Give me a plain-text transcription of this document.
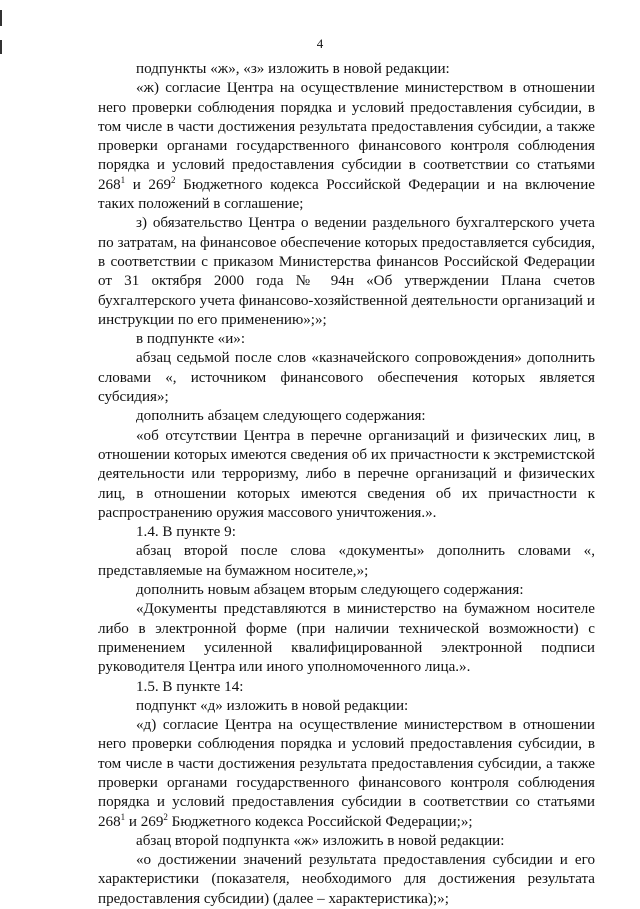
4

подпункты «ж», «з» изложить в новой редакции:

«ж) согласие Центра на осуществление министерством в отношении него проверки соблюдения порядка и условий предоставления субсидии, в том числе в части достижения результата предоставления субсидии, а также проверки органами государственного финансового контроля соблюдения порядка и условий предоставления субсидии в соответствии со статьями $268^1$ и $269^2$ Бюджетного кодекса Российской Федерации и на включение таких положений в соглашение;

з) обязательство Центра о ведении раздельного бухгалтерского учета по затратам, на финансовое обеспечение которых предоставляется субсидия, в соответствии с приказом Министерства финансов Российской Федерации от 31 октября 2000 года № 94н «Об утверждении Плана счетов бухгалтерского учета финансово-хозяйственной деятельности организаций и инструкции по его применению»;»;

в подпункте «и»:

абзац седьмой после слов «казначейского сопровождения» дополнить словами «, источником финансового обеспечения которых является субсидия»;

дополнить абзацем следующего содержания:

«об отсутствии Центра в перечне организаций и физических лиц, в отношении которых имеются сведения об их причастности к экстремистской деятельности или терроризму, либо в перечне организаций и физических лиц, в отношении которых имеются сведения об их причастности к распространению оружия массового уничтожения.».

1.4. В пункте 9:

абзац второй после слова «документы» дополнить словами «, представляемые на бумажном носителе,»;

дополнить новым абзацем вторым следующего содержания:

«Документы представляются в министерство на бумажном носителе либо в электронной форме (при наличии технической возможности) с применением усиленной квалифицированной электронной подписи руководителя Центра или иного уполномоченного лица.».

1.5. В пункте 14:

подпункт «д» изложить в новой редакции:

«д) согласие Центра на осуществление министерством в отношении него проверки соблюдения порядка и условий предоставления субсидии, в том числе в части достижения результата предоставления субсидии, а также проверки органами государственного финансового контроля соблюдения порядка и условий предоставления субсидии в соответствии со статьями $268^1$ и $269^2$ Бюджетного кодекса Российской Федерации;»;

абзац второй подпункта «ж» изложить в новой редакции:

«о достижении значений результата предоставления субсидии и его характеристики (показателя, необходимого для достижения результата предоставления субсидии) (далее – характеристика);»;
